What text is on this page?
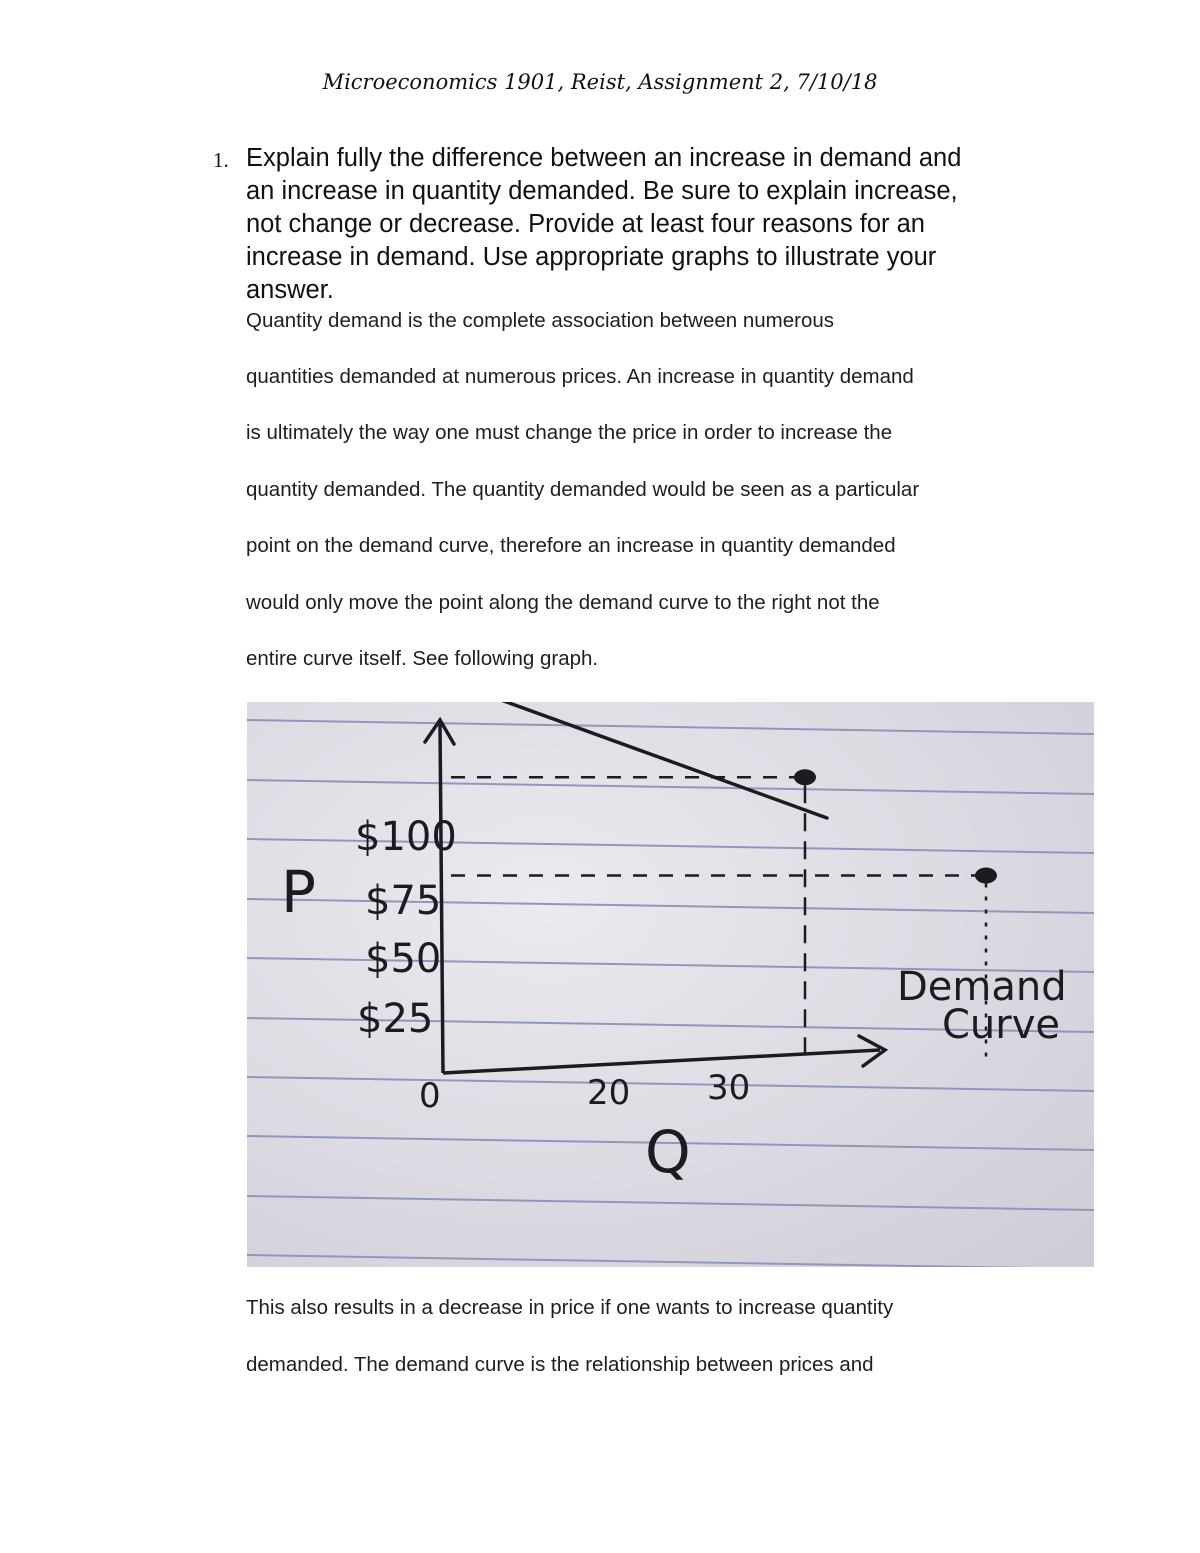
Microeconomics 1901, Reist, Assignment 2, 7/10/18
1. Explain fully the difference between an increase in demand and
an increase in quantity demanded. Be sure to explain increase,
not change or decrease. Provide at least four reasons for an
increase in demand. Use appropriate graphs to illustrate your
answer.
Quantity demand is the complete association between numerous
quantities demanded at numerous prices. An increase in quantity demand
is ultimately the way one must change the price in order to increase the
quantity demanded. The quantity demanded would be seen as a particular
point on the demand curve, therefore an increase in quantity demanded
would only move the point along the demand curve to the right not the
entire curve itself. See following graph.
$100
$75
$50
$25
P
0	20 30
Q
Demand
Curve
This also results in a decrease in price if one wants to increase quantity
demanded. The demand curve is the relationship between prices and
